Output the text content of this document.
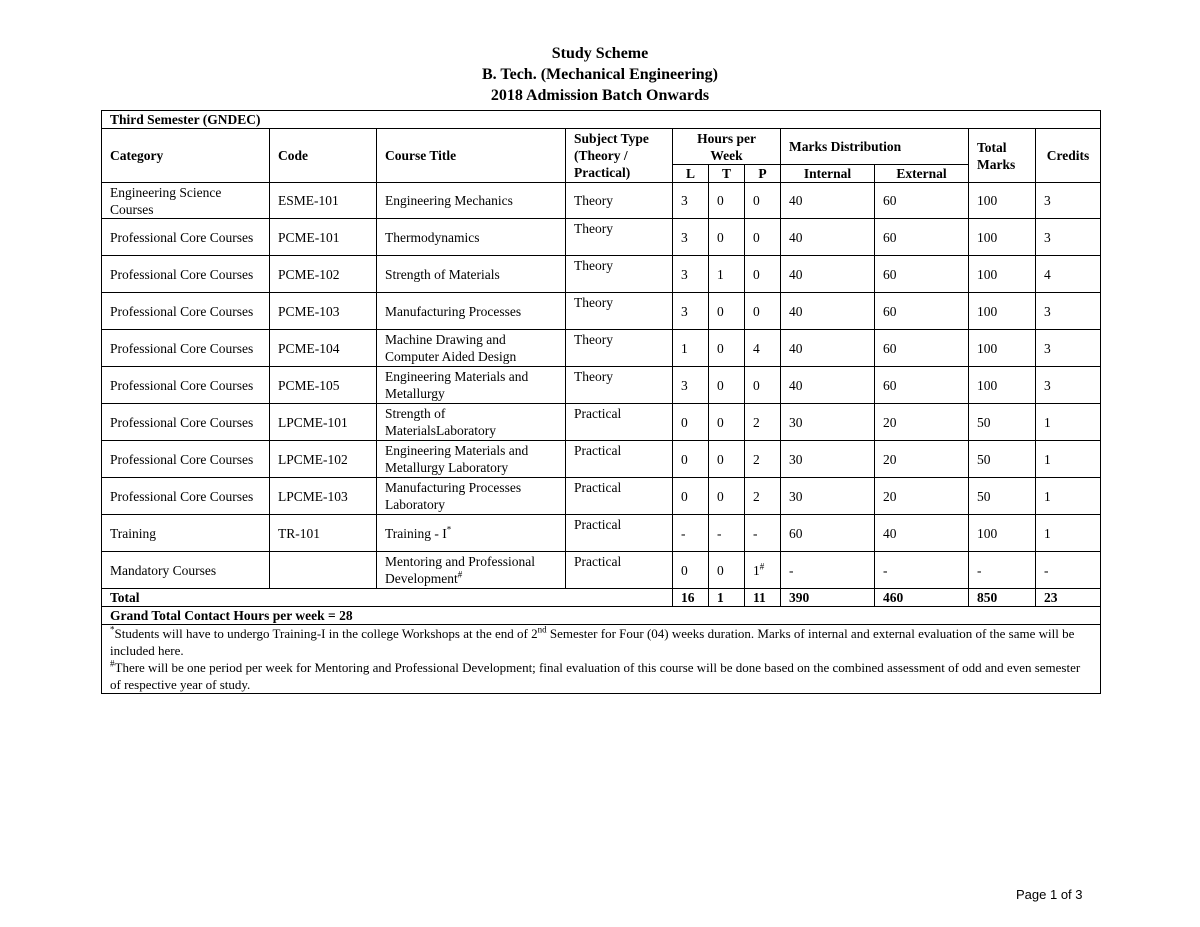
Study Scheme
B. Tech. (Mechanical Engineering)
2018 Admission Batch Onwards
Third Semester (GNDEC)										
Category	Code	Course Title	Subject Type (Theory / Practical)	Hours per Week			Marks Distribution		Total Marks	Credits
				L	T	P	Internal	External		
Engineering Science Courses	ESME-101	Engineering Mechanics	Theory	3	0	0	40	60	100	3
Professional Core Courses	PCME-101	Thermodynamics	Theory	3	0	0	40	60	100	3
Professional Core Courses	PCME-102	Strength of Materials	Theory	3	1	0	40	60	100	4
Professional Core Courses	PCME-103	Manufacturing Processes	Theory	3	0	0	40	60	100	3
Professional Core Courses	PCME-104	Machine Drawing and Computer Aided Design	Theory	1	0	4	40	60	100	3
Professional Core Courses	PCME-105	Engineering Materials and Metallurgy	Theory	3	0	0	40	60	100	3
Professional Core Courses	LPCME-101	Strength of MaterialsLaboratory	Practical	0	0	2	30	20	50	1
Professional Core Courses	LPCME-102	Engineering Materials and Metallurgy Laboratory	Practical	0	0	2	30	20	50	1
Professional Core Courses	LPCME-103	Manufacturing Processes Laboratory	Practical	0	0	2	30	20	50	1
Training	TR-101	Training - I*	Practical	-	-	-	60	40	100	1
Mandatory Courses		Mentoring and Professional Development#	Practical	0	0	1#	-	-	-	-
Total				16	1	11	390	460	850	23
Grand Total Contact Hours per week = 28										

*Students will have to undergo Training-I in the college Workshops at the end of 2nd Semester for Four (04) weeks duration. Marks of internal and external evaluation of the same will be included here.
#There will be one period per week for Mentoring and Professional Development; final evaluation of this course will be done based on the combined assessment of odd and even semester of respective year of study.										
Page 1 of 3
